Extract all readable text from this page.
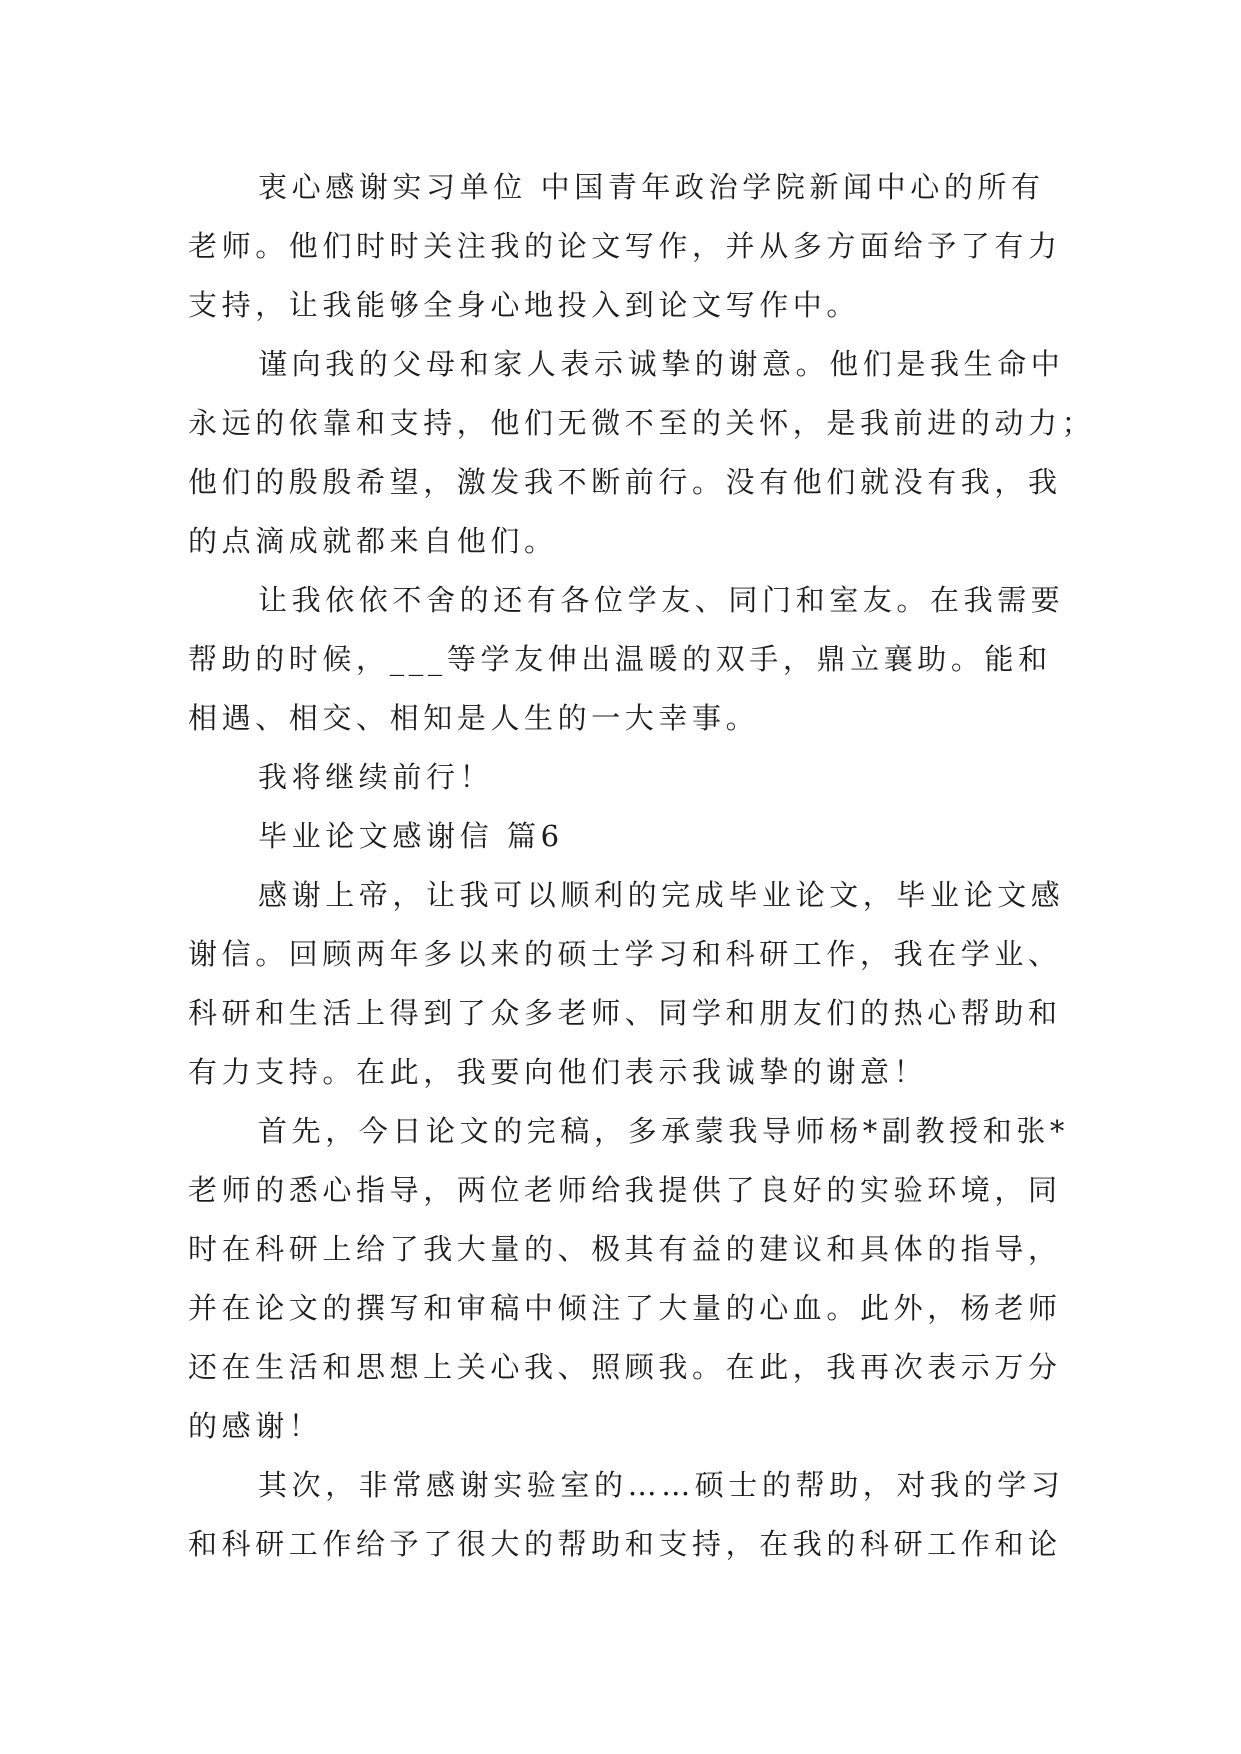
衷心感谢实习单位 中国青年政治学院新闻中心的所有
老师。他们时时关注我的论文写作，并从多方面给予了有力
支持，让我能够全身心地投入到论文写作中。
谨向我的父母和家人表示诚挚的谢意。他们是我生命中
永远的依靠和支持，他们无微不至的关怀，是我前进的动力；
他们的殷殷希望，激发我不断前行。没有他们就没有我，我
的点滴成就都来自他们。
让我依依不舍的还有各位学友、同门和室友。在我需要
帮助的时候，___等学友伸出温暖的双手，鼎立襄助。能和
相遇、相交、相知是人生的一大幸事。
我将继续前行！
毕业论文感谢信 篇6
感谢上帝，让我可以顺利的完成毕业论文，毕业论文感
谢信。回顾两年多以来的硕士学习和科研工作，我在学业、
科研和生活上得到了众多老师、同学和朋友们的热心帮助和
有力支持。在此，我要向他们表示我诚挚的谢意！
首先，今日论文的完稿，多承蒙我导师杨*副教授和张*
老师的悉心指导，两位老师给我提供了良好的实验环境，同
时在科研上给了我大量的、极其有益的建议和具体的指导，
并在论文的撰写和审稿中倾注了大量的心血。此外，杨老师
还在生活和思想上关心我、照顾我。在此，我再次表示万分
的感谢！
其次，非常感谢实验室的……硕士的帮助，对我的学习
和科研工作给予了很大的帮助和支持，在我的科研工作和论
